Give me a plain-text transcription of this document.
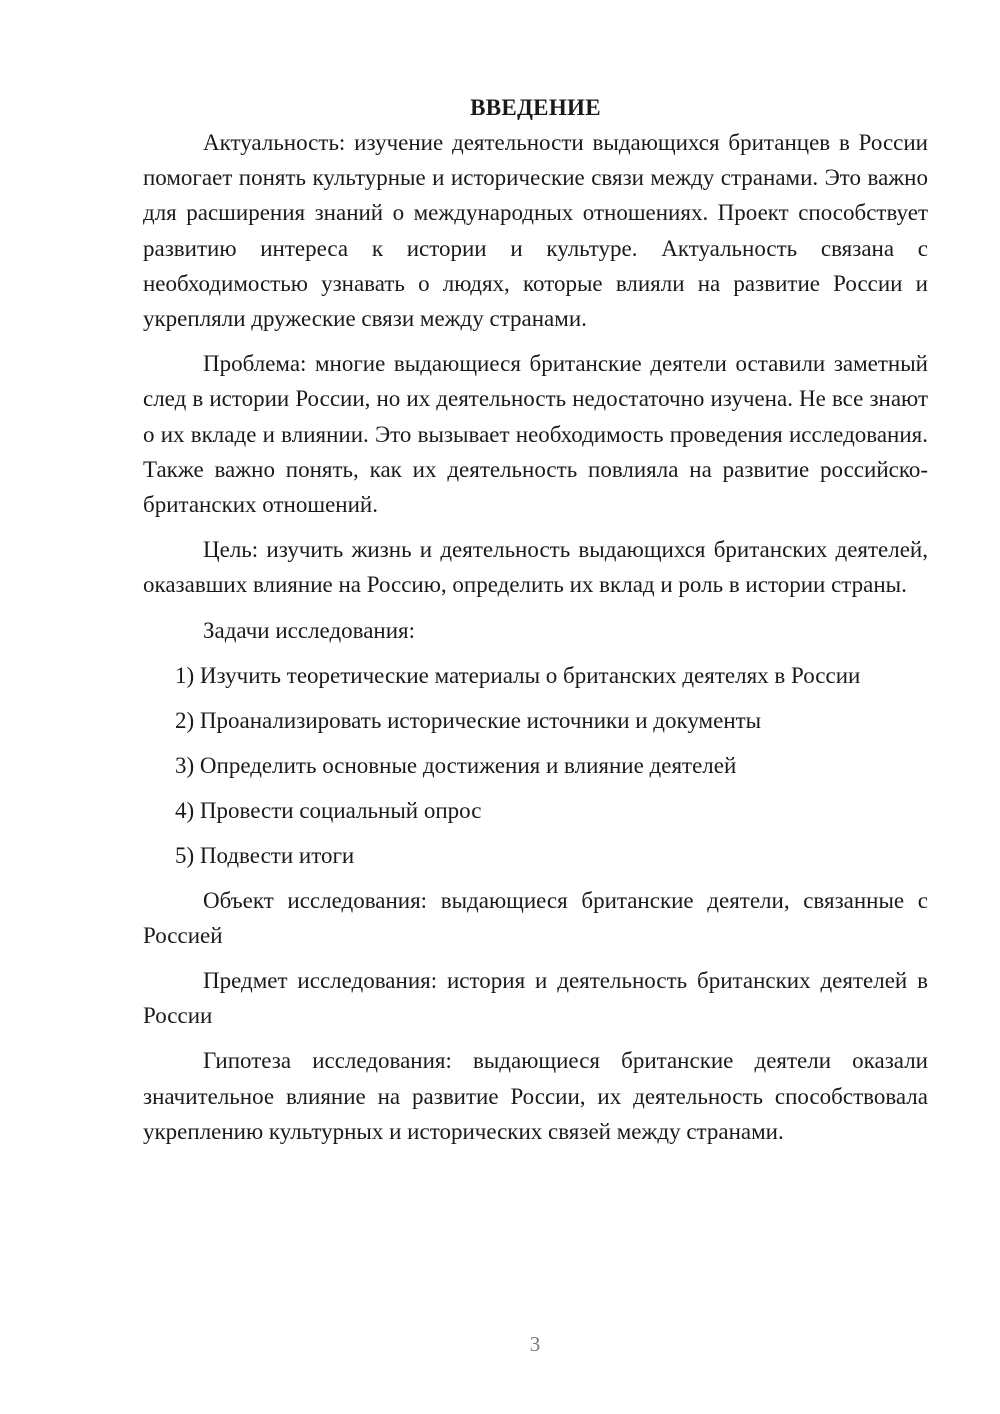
ВВЕДЕНИЕ

Актуальность: изучение деятельности выдающихся британцев в России помогает понять культурные и исторические связи между странами. Это важно для расширения знаний о международных отношениях. Проект способствует развитию интереса к истории и культуре. Актуальность связана с необходимостью узнавать о людях, которые влияли на развитие России и укрепляли дружеские связи между странами.

Проблема: многие выдающиеся британские деятели оставили заметный след в истории России, но их деятельность недостаточно изучена. Не все знают о их вкладе и влиянии. Это вызывает необходимость проведения исследования. Также важно понять, как их деятельность повлияла на развитие российско-британских отношений.

Цель: изучить жизнь и деятельность выдающихся британских деятелей, оказавших влияние на Россию, определить их вклад и роль в истории страны.

Задачи исследования:

1) Изучить теоретические материалы о британских деятелях в России

2) Проанализировать исторические источники и документы

3) Определить основные достижения и влияние деятелей

4) Провести социальный опрос

5) Подвести итоги

Объект исследования: выдающиеся британские деятели, связанные с Россией

Предмет исследования: история и деятельность британских деятелей в России

Гипотеза исследования: выдающиеся британские деятели оказали значительное влияние на развитие России, их деятельность способствовала укреплению культурных и исторических связей между странами.

3
